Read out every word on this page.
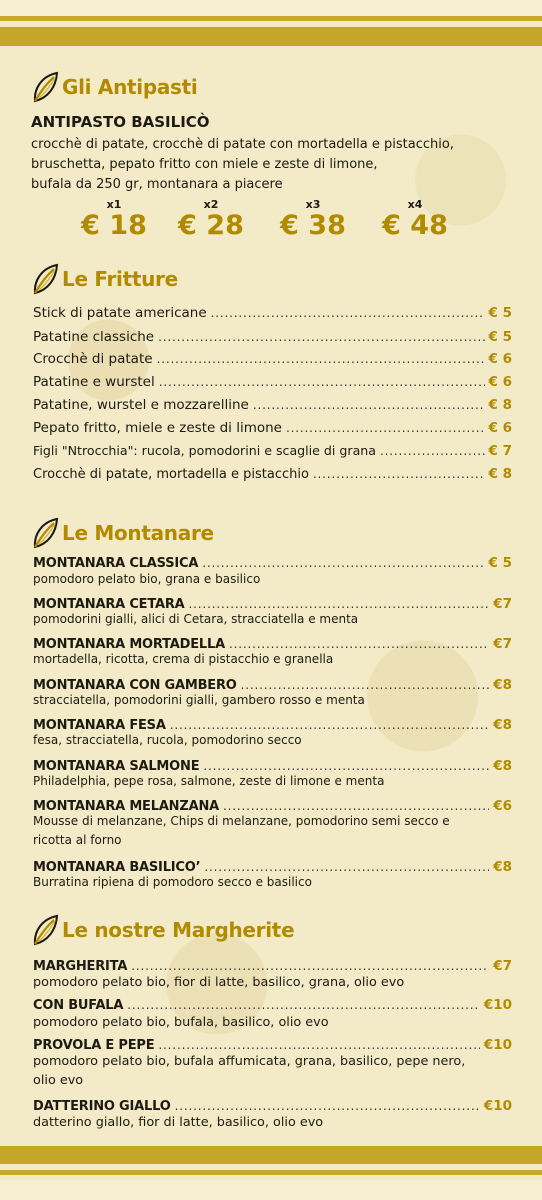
Gli Antipasti
ANTIPASTO BASILICÒ
crocchè di patate, crocchè di patate con mortadella e pistacchio,
bruschetta, pepato fritto con miele e zeste di limone,
bufala da 250 gr, montanara a piacere
x1
€ 18
x2
€ 28
x3
€ 38
x4
€ 48
Le Fritture
Stick di patate americane . . .	€ 5
Patatine classiche . . .	€ 5
Crocchè di patate . . .	€ 6
Patatine e wurstel . . .	€ 6
Patatine, wurstel e mozzarelline . . .	€ 8
Pepato fritto, miele e zeste di limone . . .	€ 6
Figli "Ntrocchia": rucola, pomodorini e scaglie di grana . . .	€ 7
Crocchè di patate, mortadella e pistacchio . . .	€ 8
Le Montanare
MONTANARA CLASSICA . . .	€ 5
pomodoro pelato bio, grana e basilico
MONTANARA CETARA . . .	€7
pomodorini gialli, alici di Cetara, stracciatella e menta
MONTANARA MORTADELLA . . .	€7
mortadella, ricotta, crema di pistacchio e granella
MONTANARA CON GAMBERO . . .	€8
stracciatella, pomodorini gialli, gambero rosso e menta
MONTANARA FESA . . .	€8
fesa, stracciatella, rucola, pomodorino secco
MONTANARA SALMONE . . .	€8
Philadelphia, pepe rosa, salmone, zeste di limone e menta
MONTANARA MELANZANA . . .	€6
Mousse di melanzane, Chips di melanzane, pomodorino semi secco e ricotta al forno
MONTANARA BASILICO’ . . .	€8
Burratina ripiena di pomodoro secco e basilico
Le nostre Margherite
MARGHERITA . . .	€7
pomodoro pelato bio, fior di latte, basilico, grana, olio evo
CON BUFALA . . .	€10
pomodoro pelato bio, bufala, basilico, olio evo
PROVOLA E PEPE . . .	€10
pomodoro pelato bio, bufala affumicata, grana, basilico, pepe nero, olio evo
DATTERINO GIALLO . . .	€10
datterino giallo, fior di latte, basilico, olio evo
